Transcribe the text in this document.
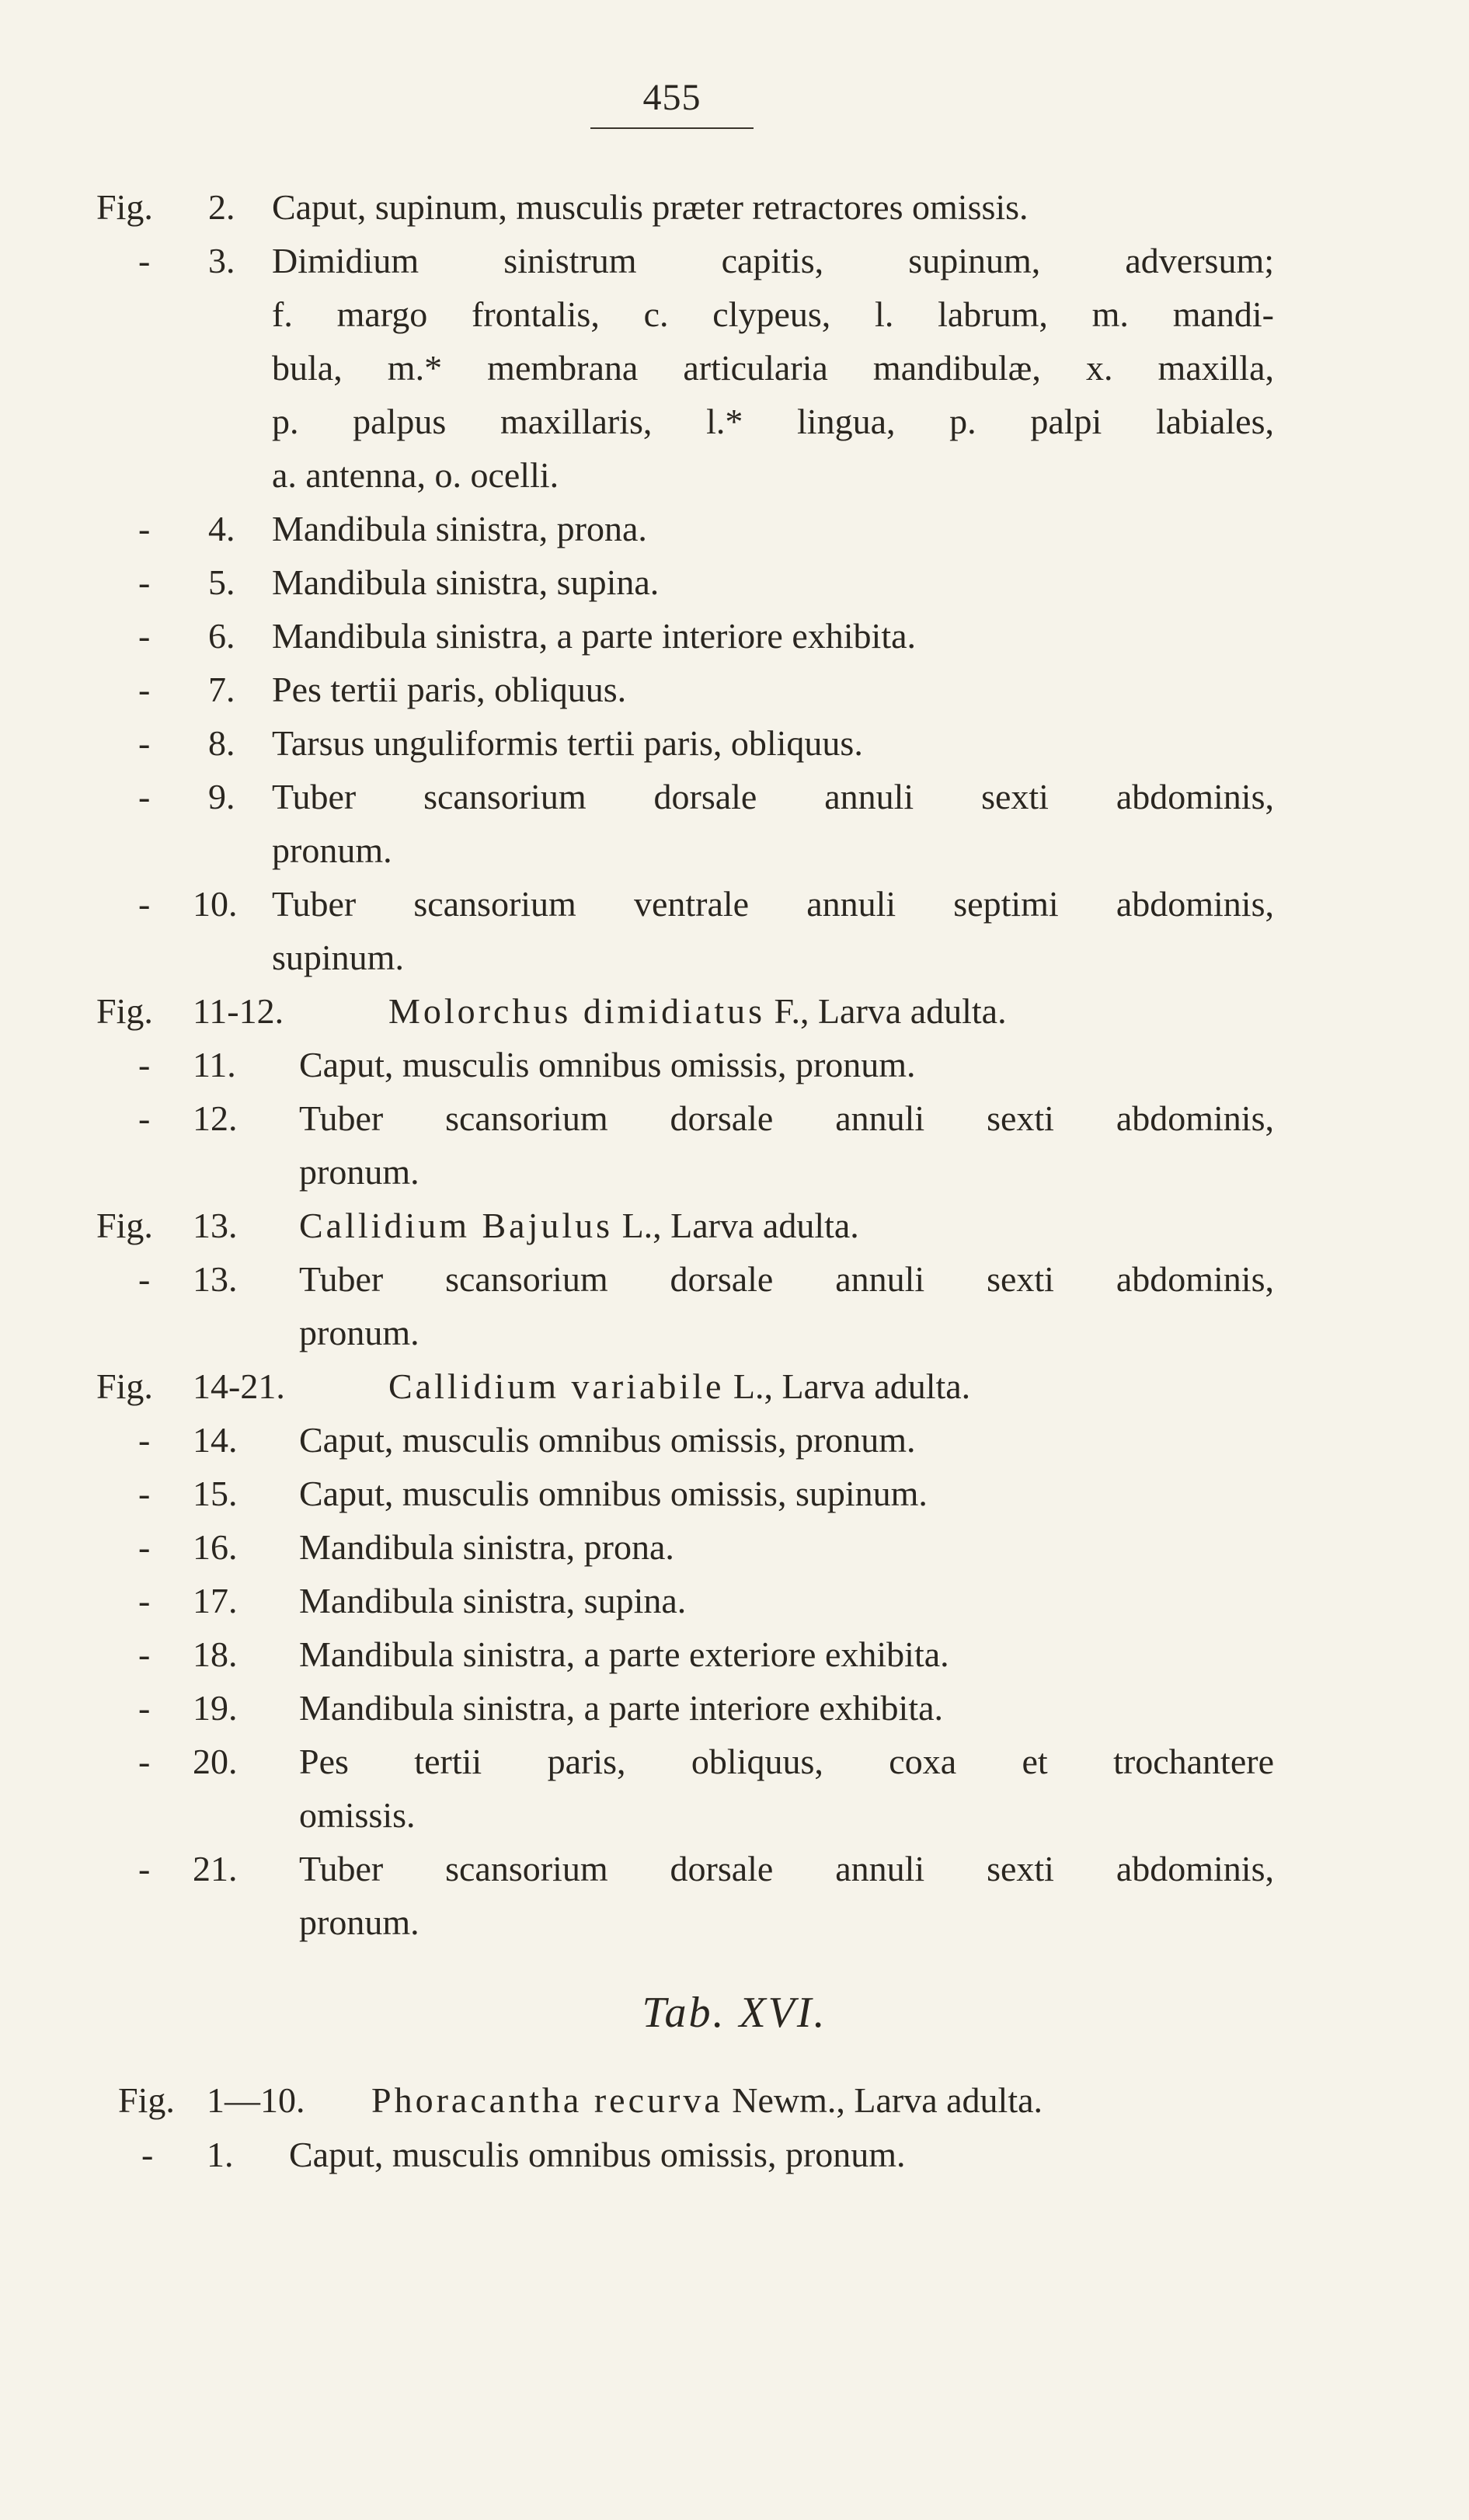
455
Fig. 2. Caput, supinum, musculis præter retractores omissis.
- 3. Dimidium sinistrum capitis, supinum, adversum;
f. margo frontalis, c. clypeus, l. labrum, m. mandi-
bula, m.* membrana articularia mandibulæ, x. maxilla,
p. palpus maxillaris, l.* lingua, p. palpi labiales,
a. antenna, o. ocelli.
- 4. Mandibula sinistra, prona.
- 5. Mandibula sinistra, supina.
- 6. Mandibula sinistra, a parte interiore exhibita.
- 7. Pes tertii paris, obliquus.
- 8. Tarsus unguliformis tertii paris, obliquus.
- 9. Tuber scansorium dorsale annuli sexti abdominis,
pronum.
- 10. Tuber scansorium ventrale annuli septimi abdominis,
supinum.
Fig. 11-12.	Molorchus dimidiatus F., Larva adulta.
- 11. Caput, musculis omnibus omissis, pronum.
- 12. Tuber scansorium dorsale annuli sexti abdominis,
pronum.
Fig. 13. Callidium Bajulus L., Larva adulta.
- 13. Tuber scansorium dorsale annuli sexti abdominis,
pronum.
Fig. 14-21.	Callidium variabile L., Larva adulta.
- 14. Caput, musculis omnibus omissis, pronum.
- 15. Caput, musculis omnibus omissis, supinum.
- 16. Mandibula sinistra, prona.
- 17. Mandibula sinistra, supina.
- 18. Mandibula sinistra, a parte exteriore exhibita.
- 19. Mandibula sinistra, a parte interiore exhibita.
- 20. Pes tertii paris, obliquus, coxa et trochantere
omissis.
- 21. Tuber scansorium dorsale annuli sexti abdominis,
pronum.
Tab. XVI.
Fig. 1—10. Phoracantha recurva Newm., Larva adulta.
- 1. Caput, musculis omnibus omissis, pronum.
